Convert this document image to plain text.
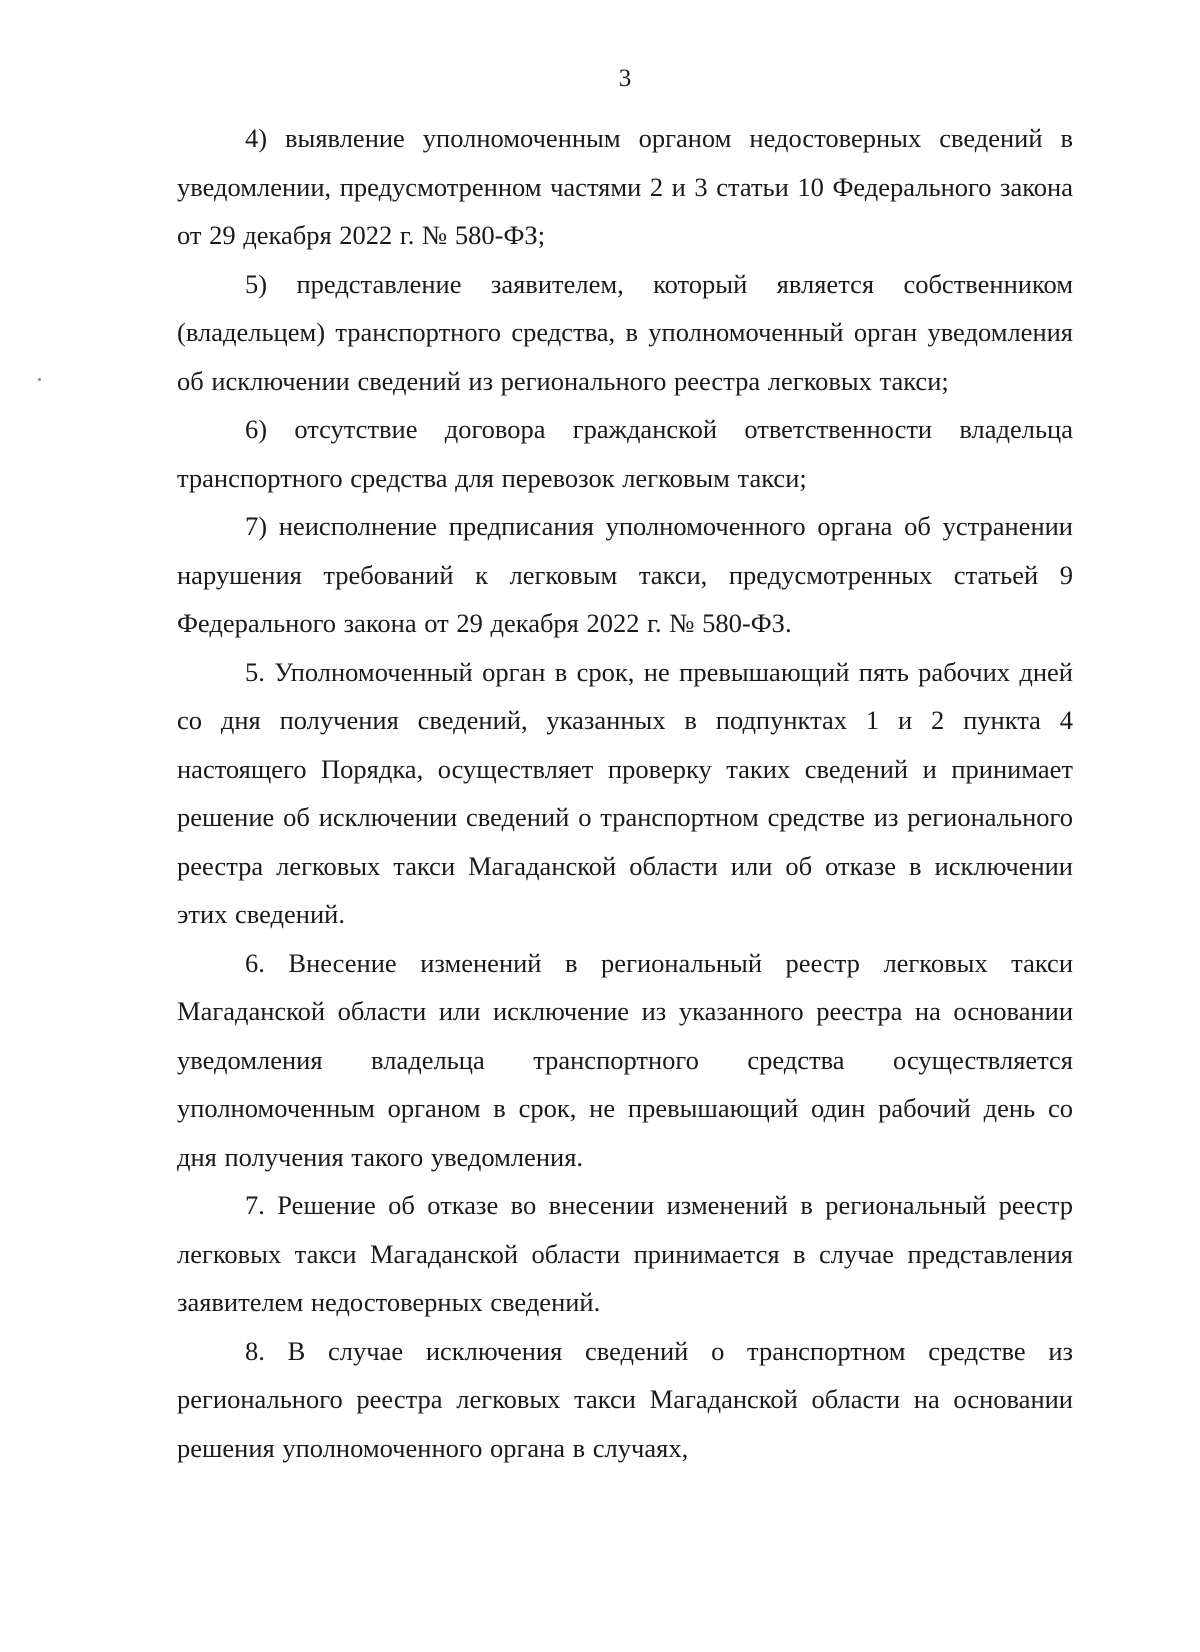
3

4) выявление уполномоченным органом недостоверных сведений в уведомлении, предусмотренном частями 2 и 3 статьи 10 Федерального закона от 29 декабря 2022 г. № 580-ФЗ;

5) представление заявителем, который является собственником (владельцем) транспортного средства, в уполномоченный орган уведомления об исключении сведений из регионального реестра легковых такси;

6) отсутствие договора гражданской ответственности владельца транспортного средства для перевозок легковым такси;

7) неисполнение предписания уполномоченного органа об устранении нарушения требований к легковым такси, предусмотренных статьей 9 Федерального закона от 29 декабря 2022 г. № 580-ФЗ.

5. Уполномоченный орган в срок, не превышающий пять рабочих дней со дня получения сведений, указанных в подпунктах 1 и 2 пункта 4 настоящего Порядка, осуществляет проверку таких сведений и принимает решение об исключении сведений о транспортном средстве из регионального реестра легковых такси Магаданской области или об отказе в исключении этих сведений.

6. Внесение изменений в региональный реестр легковых такси Магаданской области или исключение из указанного реестра на основании уведомления владельца транспортного средства осуществляется уполномоченным органом в срок, не превышающий один рабочий день со дня получения такого уведомления.

7. Решение об отказе во внесении изменений в региональный реестр легковых такси Магаданской области принимается в случае представления заявителем недостоверных сведений.

8. В случае исключения сведений о транспортном средстве из регионального реестра легковых такси Магаданской области на основании решения уполномоченного органа в случаях,
